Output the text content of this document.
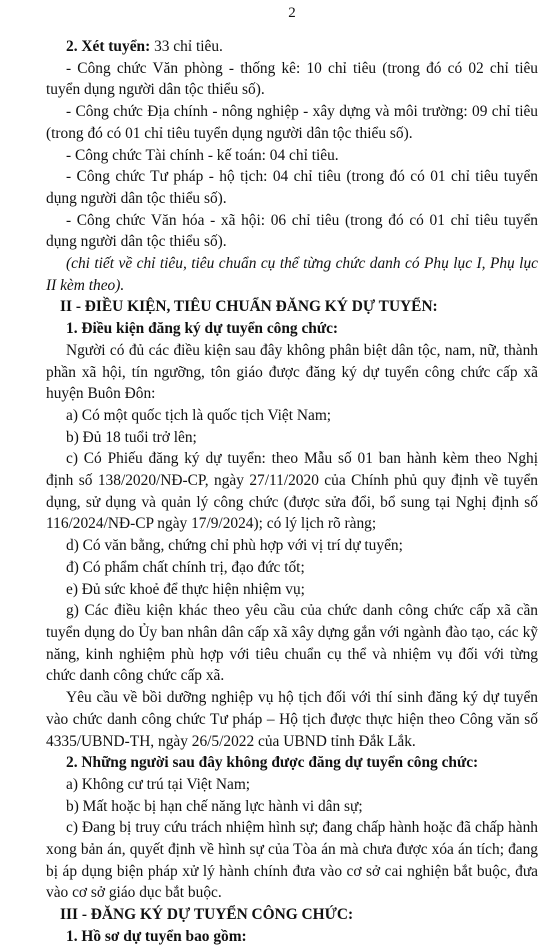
2

2. Xét tuyển: 33 chỉ tiêu.

- Công chức Văn phòng - thống kê: 10 chỉ tiêu (trong đó có 02 chỉ tiêu tuyển dụng người dân tộc thiểu số).

- Công chức Địa chính - nông nghiệp - xây dựng và môi trường: 09 chỉ tiêu (trong đó có 01 chỉ tiêu tuyển dụng người dân tộc thiểu số).

- Công chức Tài chính - kế toán: 04 chỉ tiêu.

- Công chức Tư pháp - hộ tịch: 04 chỉ tiêu (trong đó có 01 chỉ tiêu tuyển dụng người dân tộc thiểu số).

- Công chức Văn hóa - xã hội: 06 chỉ tiêu (trong đó có 01 chỉ tiêu tuyển dụng người dân tộc thiểu số).

(chi tiết về chỉ tiêu, tiêu chuẩn cụ thể từng chức danh có Phụ lục I, Phụ lục II kèm theo).

II - ĐIỀU KIỆN, TIÊU CHUẨN ĐĂNG KÝ DỰ TUYỂN:

1. Điều kiện đăng ký dự tuyển công chức:

Người có đủ các điều kiện sau đây không phân biệt dân tộc, nam, nữ, thành phần xã hội, tín ngưỡng, tôn giáo được đăng ký dự tuyển công chức cấp xã huyện Buôn Đôn:

a) Có một quốc tịch là quốc tịch Việt Nam;

b) Đủ 18 tuổi trở lên;

c) Có Phiếu đăng ký dự tuyển: theo Mẫu số 01 ban hành kèm theo Nghị định số 138/2020/NĐ-CP, ngày 27/11/2020 của Chính phủ quy định về tuyển dụng, sử dụng và quản lý công chức (được sửa đổi, bổ sung tại Nghị định số 116/2024/NĐ-CP ngày 17/9/2024); có lý lịch rõ ràng;

d) Có văn bằng, chứng chỉ phù hợp với vị trí dự tuyển;

đ) Có phẩm chất chính trị, đạo đức tốt;

e) Đủ sức khoẻ để thực hiện nhiệm vụ;

g) Các điều kiện khác theo yêu cầu của chức danh công chức cấp xã cần tuyển dụng do Ủy ban nhân dân cấp xã xây dựng gắn với ngành đào tạo, các kỹ năng, kinh nghiệm phù hợp với tiêu chuẩn cụ thể và nhiệm vụ đối với từng chức danh công chức cấp xã.

Yêu cầu về bồi dưỡng nghiệp vụ hộ tịch đối với thí sinh đăng ký dự tuyển vào chức danh công chức Tư pháp – Hộ tịch được thực hiện theo Công văn số 4335/UBND-TH, ngày 26/5/2022 của UBND tỉnh Đắk Lắk.

2. Những người sau đây không được đăng dự tuyển công chức:

a) Không cư trú tại Việt Nam;

b) Mất hoặc bị hạn chế năng lực hành vi dân sự;

c) Đang bị truy cứu trách nhiệm hình sự; đang chấp hành hoặc đã chấp hành xong bản án, quyết định về hình sự của Tòa án mà chưa được xóa án tích; đang bị áp dụng biện pháp xử lý hành chính đưa vào cơ sở cai nghiện bắt buộc, đưa vào cơ sở giáo dục bắt buộc.

III - ĐĂNG KÝ DỰ TUYỂN CÔNG CHỨC:

1. Hồ sơ dự tuyển bao gồm:
